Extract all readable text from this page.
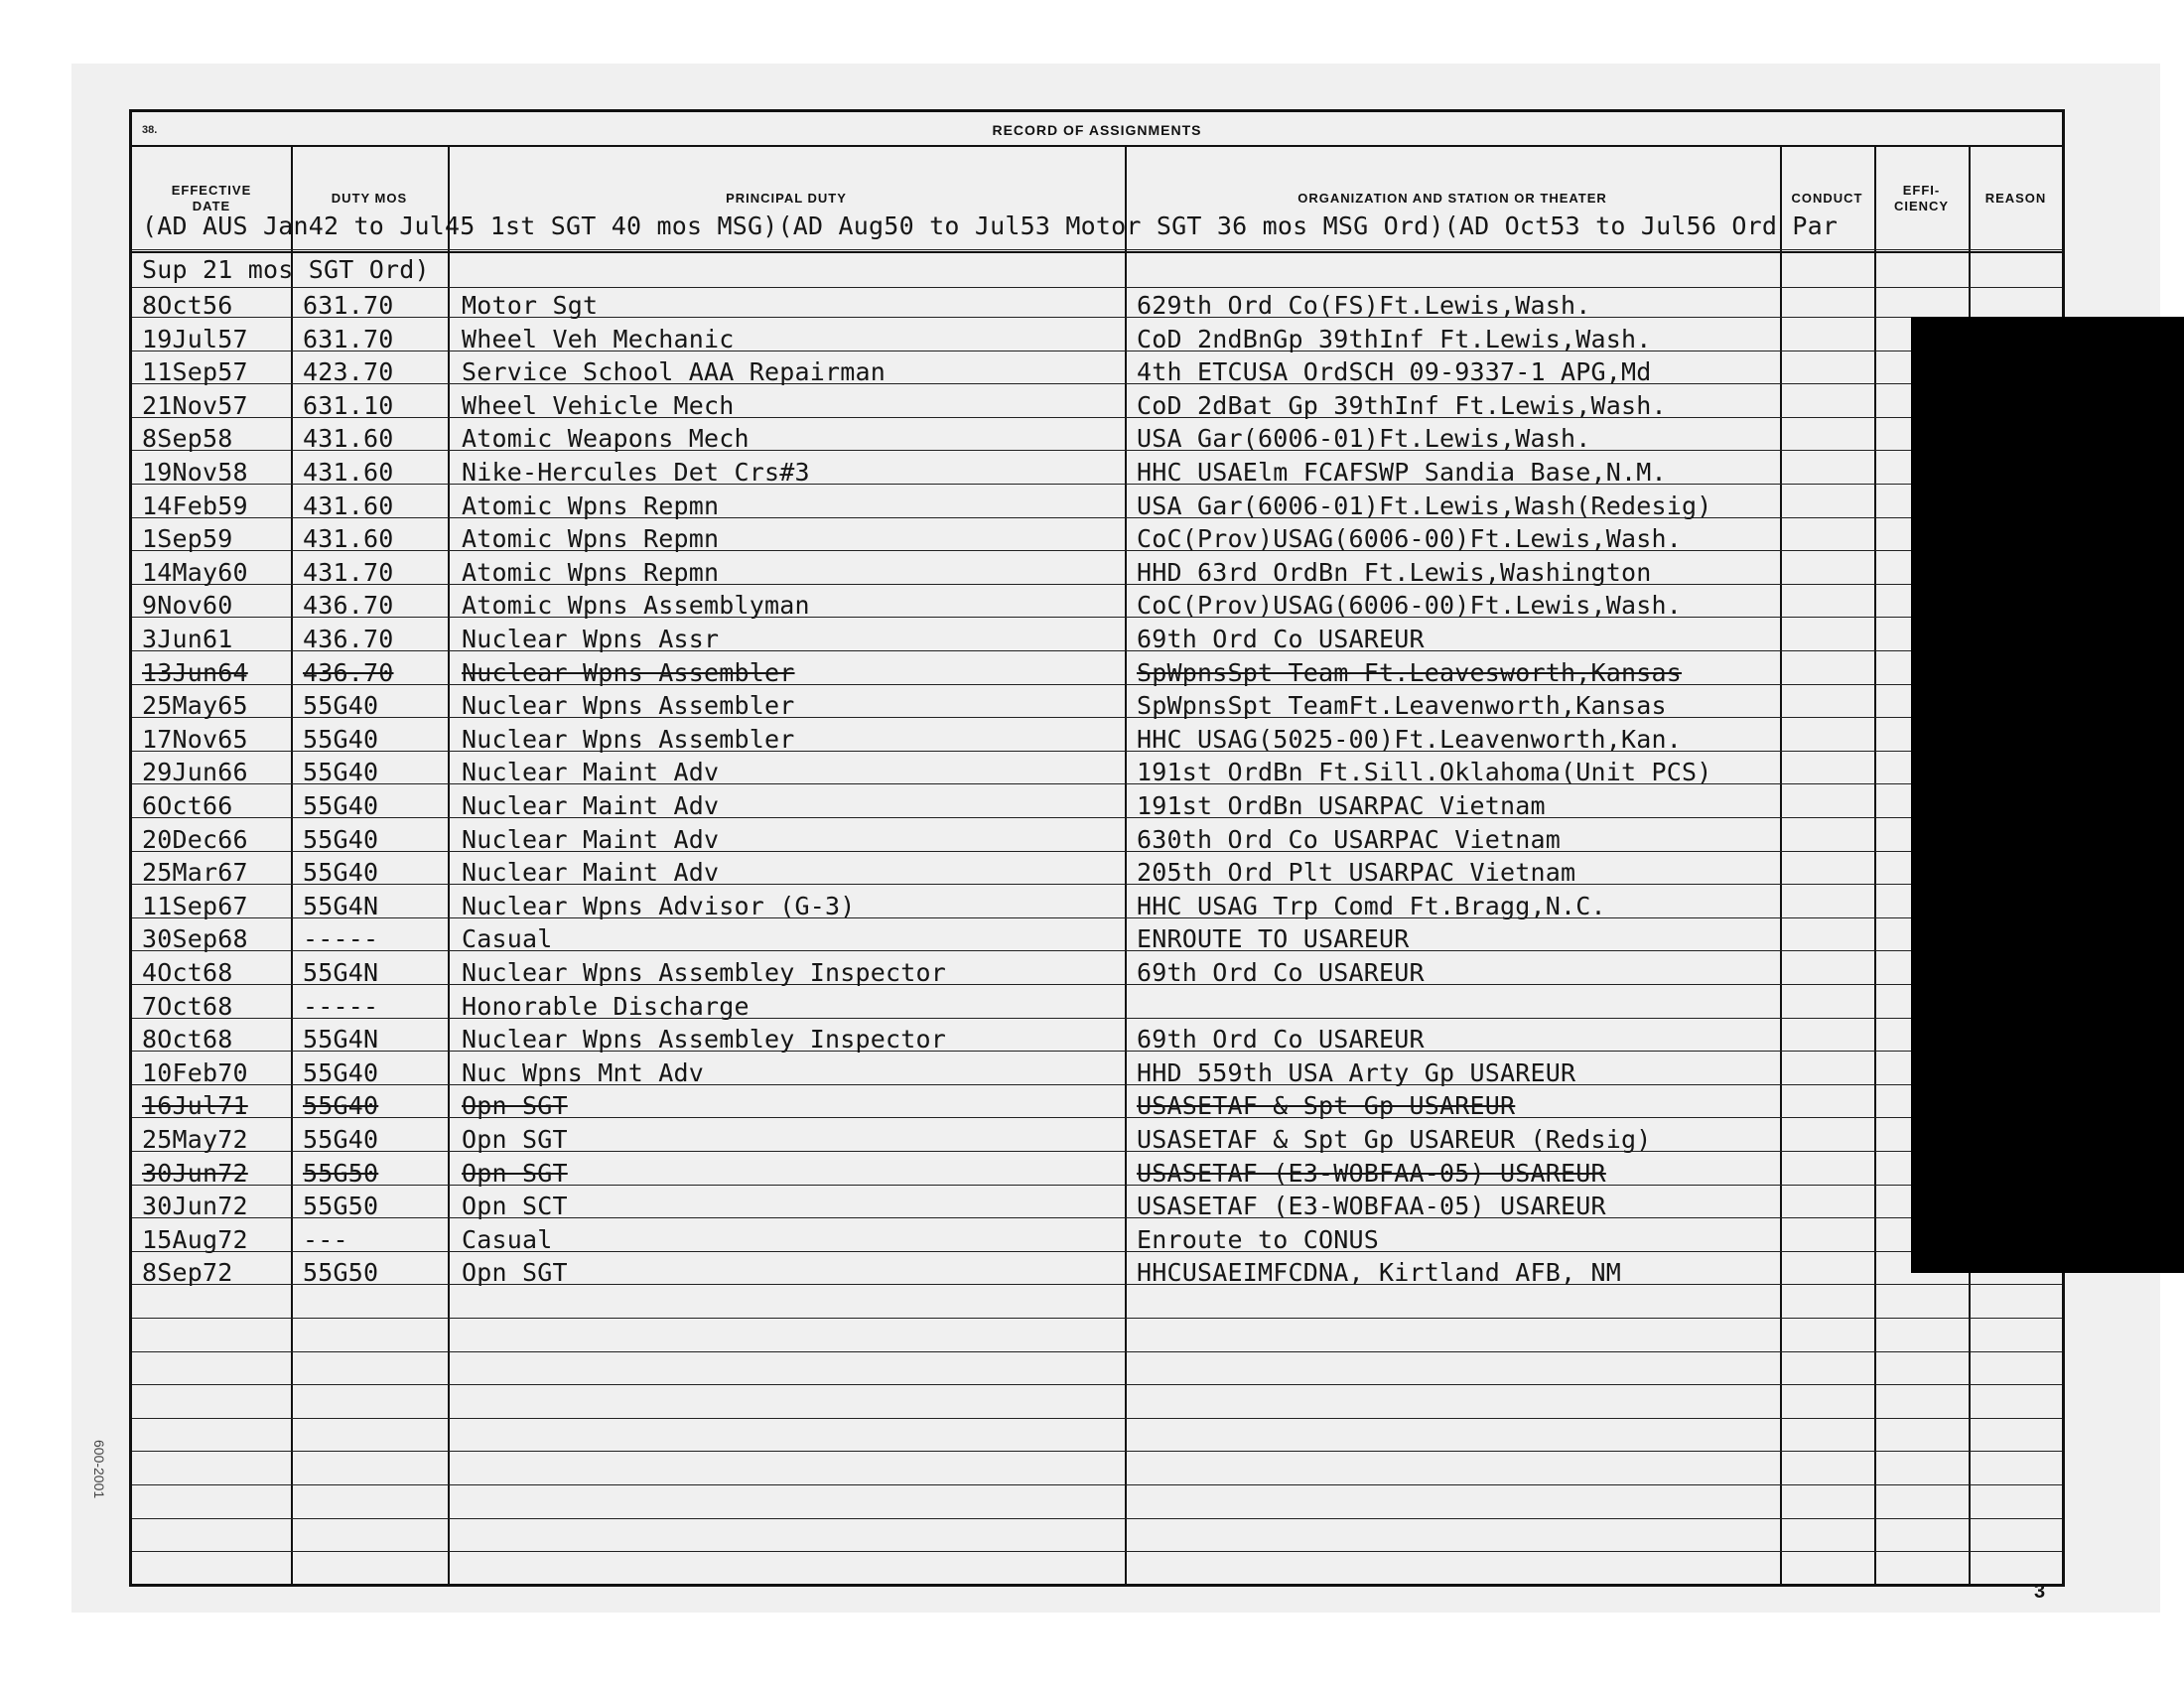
38.	RECORD OF ASSIGNMENTS
EFFECTIVE DATE
DUTY MOS	PRINCIPAL DUTY	ORGANIZATION AND STATION OR THEATER	CONDUCT
EFFI- CIENCY
REASON
(AD AUS Jan42 to Jul45 1st SGT 40 mos MSG)(AD Aug50 to Jul53 Motor SGT 36 mos MSG Ord)(AD Oct53 to Jul56 Ord Par
Sup 21 mos SGT Ord)
8Oct56	631.70	Motor Sgt	629th Ord Co(FS)Ft.Lewis,Wash.
19Jul57 631.70	Wheel Veh Mechanic	CoD 2ndBnGp 39thInf Ft.Lewis,Wash.
11Sep57 423.70	Service School AAA Repairman	4th ETCUSA OrdSCH 09-9337-1 APG,Md
21Nov57 631.10	Wheel Vehicle Mech	CoD 2dBat Gp 39thInf Ft.Lewis,Wash.
8Sep58	431.60	Atomic Weapons Mech	USA Gar(6006-01)Ft.Lewis,Wash.
19Nov58 431.60	Nike-Hercules Det Crs#3	HHC USAElm FCAFSWP Sandia Base,N.M.
14Feb59 431.60	Atomic Wpns Repmn	USA Gar(6006-01)Ft.Lewis,Wash(Redesig)
1Sep59	431.60	Atomic Wpns Repmn	CoC(Prov)USAG(6006-00)Ft.Lewis,Wash.
14May60 431.70	Atomic Wpns Repmn	HHD 63rd OrdBn Ft.Lewis,Washington
9Nov60	436.70	Atomic Wpns Assemblyman	CoC(Prov)USAG(6006-00)Ft.Lewis,Wash.
3Jun61	436.70	Nuclear Wpns Assr	69th Ord Co USAREUR
13Jun64 436.70	Nuclear Wpns Assembler	SpWpnsSpt Team Ft.Leavesworth,Kansas
25May65 55G40	Nuclear Wpns Assembler	SpWpnsSpt TeamFt.Leavenworth,Kansas
17Nov65 55G40	Nuclear Wpns Assembler	HHC USAG(5025-00)Ft.Leavenworth,Kan.
29Jun66 55G40	Nuclear Maint Adv	191st OrdBn Ft.Sill.Oklahoma(Unit PCS)
6Oct66	55G40	Nuclear Maint Adv	191st OrdBn USARPAC Vietnam
20Dec66 55G40	Nuclear Maint Adv	630th Ord Co USARPAC Vietnam
25Mar67 55G40	Nuclear Maint Adv	205th Ord Plt USARPAC Vietnam
11Sep67 55G4N	Nuclear Wpns Advisor (G-3)	HHC USAG Trp Comd Ft.Bragg,N.C.
30Sep68 -----	Casual	ENROUTE TO USAREUR
4Oct68	55G4N	Nuclear Wpns Assembley Inspector	69th Ord Co USAREUR
7Oct68	-----	Honorable Discharge
8Oct68	55G4N	Nuclear Wpns Assembley Inspector	69th Ord Co USAREUR
10Feb70 55G40	Nuc Wpns Mnt Adv	HHD 559th USA Arty Gp USAREUR
16Jul71 55G40	Opn SGT	USASETAF & Spt Gp USAREUR
25May72 55G40	Opn SGT	USASETAF & Spt Gp USAREUR (Redsig)
30Jun72 55G50	Opn SGT	USASETAF (E3-WOBFAA-05) USAREUR
30Jun72 55G50	Opn SCT	USASETAF (E3-WOBFAA-05) USAREUR
15Aug72 ---	Casual	Enroute to CONUS
8Sep72	55G50	Opn SGT	HHCUSAEIMFCDNA, Kirtland AFB, NM
3
600-2001
